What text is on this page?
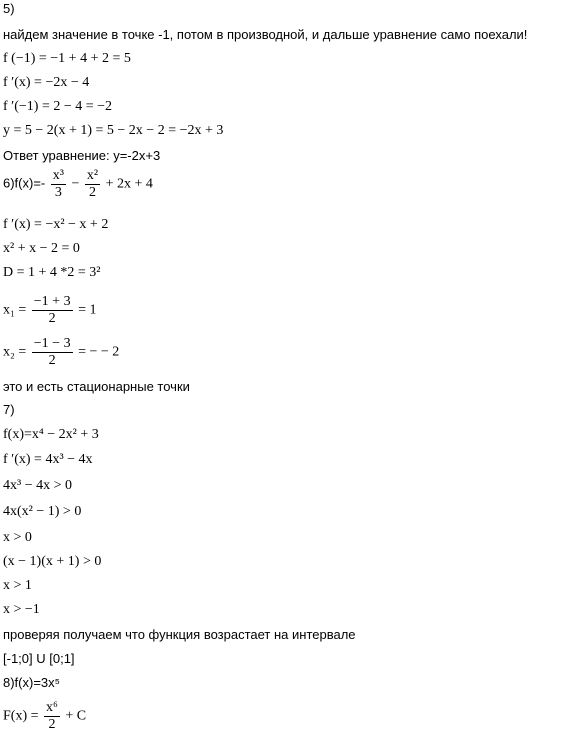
5)
найдем значение в точке -1, потом в производной, и дальше уравнение само поехали!
f (−1) = −1 + 4 + 2 = 5
f ′(x) = −2x − 4
f ′(−1) = 2 − 4 = −2
y = 5 − 2(x + 1) = 5 − 2x − 2 = −2x + 3
Ответ уравнение: y=-2x+3
$6)f(x)=- \frac{\text{x³}}{3} - \frac{\text{x²}}{2} + 2x + 4$
f ′(x) = −x² − x + 2
x² + x − 2 = 0
D = 1 + 4 *2 = 3²
$x_1 = \frac{-1 + 3}{2} = 1$
$x_2 = \frac{-1 - 3}{2}$ = − − 2
это и есть стационарные точки
7)
f(x)=x⁴ − 2x² + 3
f ′(x) = 4x³ − 4x
4x³ − 4x > 0
4x(x² − 1) > 0
x > 0
(x − 1)(x + 1) > 0
x > 1
x > −1
проверяя получаем что функция возрастает на интервале
[-1;0] U [0;1]
8)f(x)=3x⁵
$F(x) = \frac{\text{x⁶}}{2} + C$
